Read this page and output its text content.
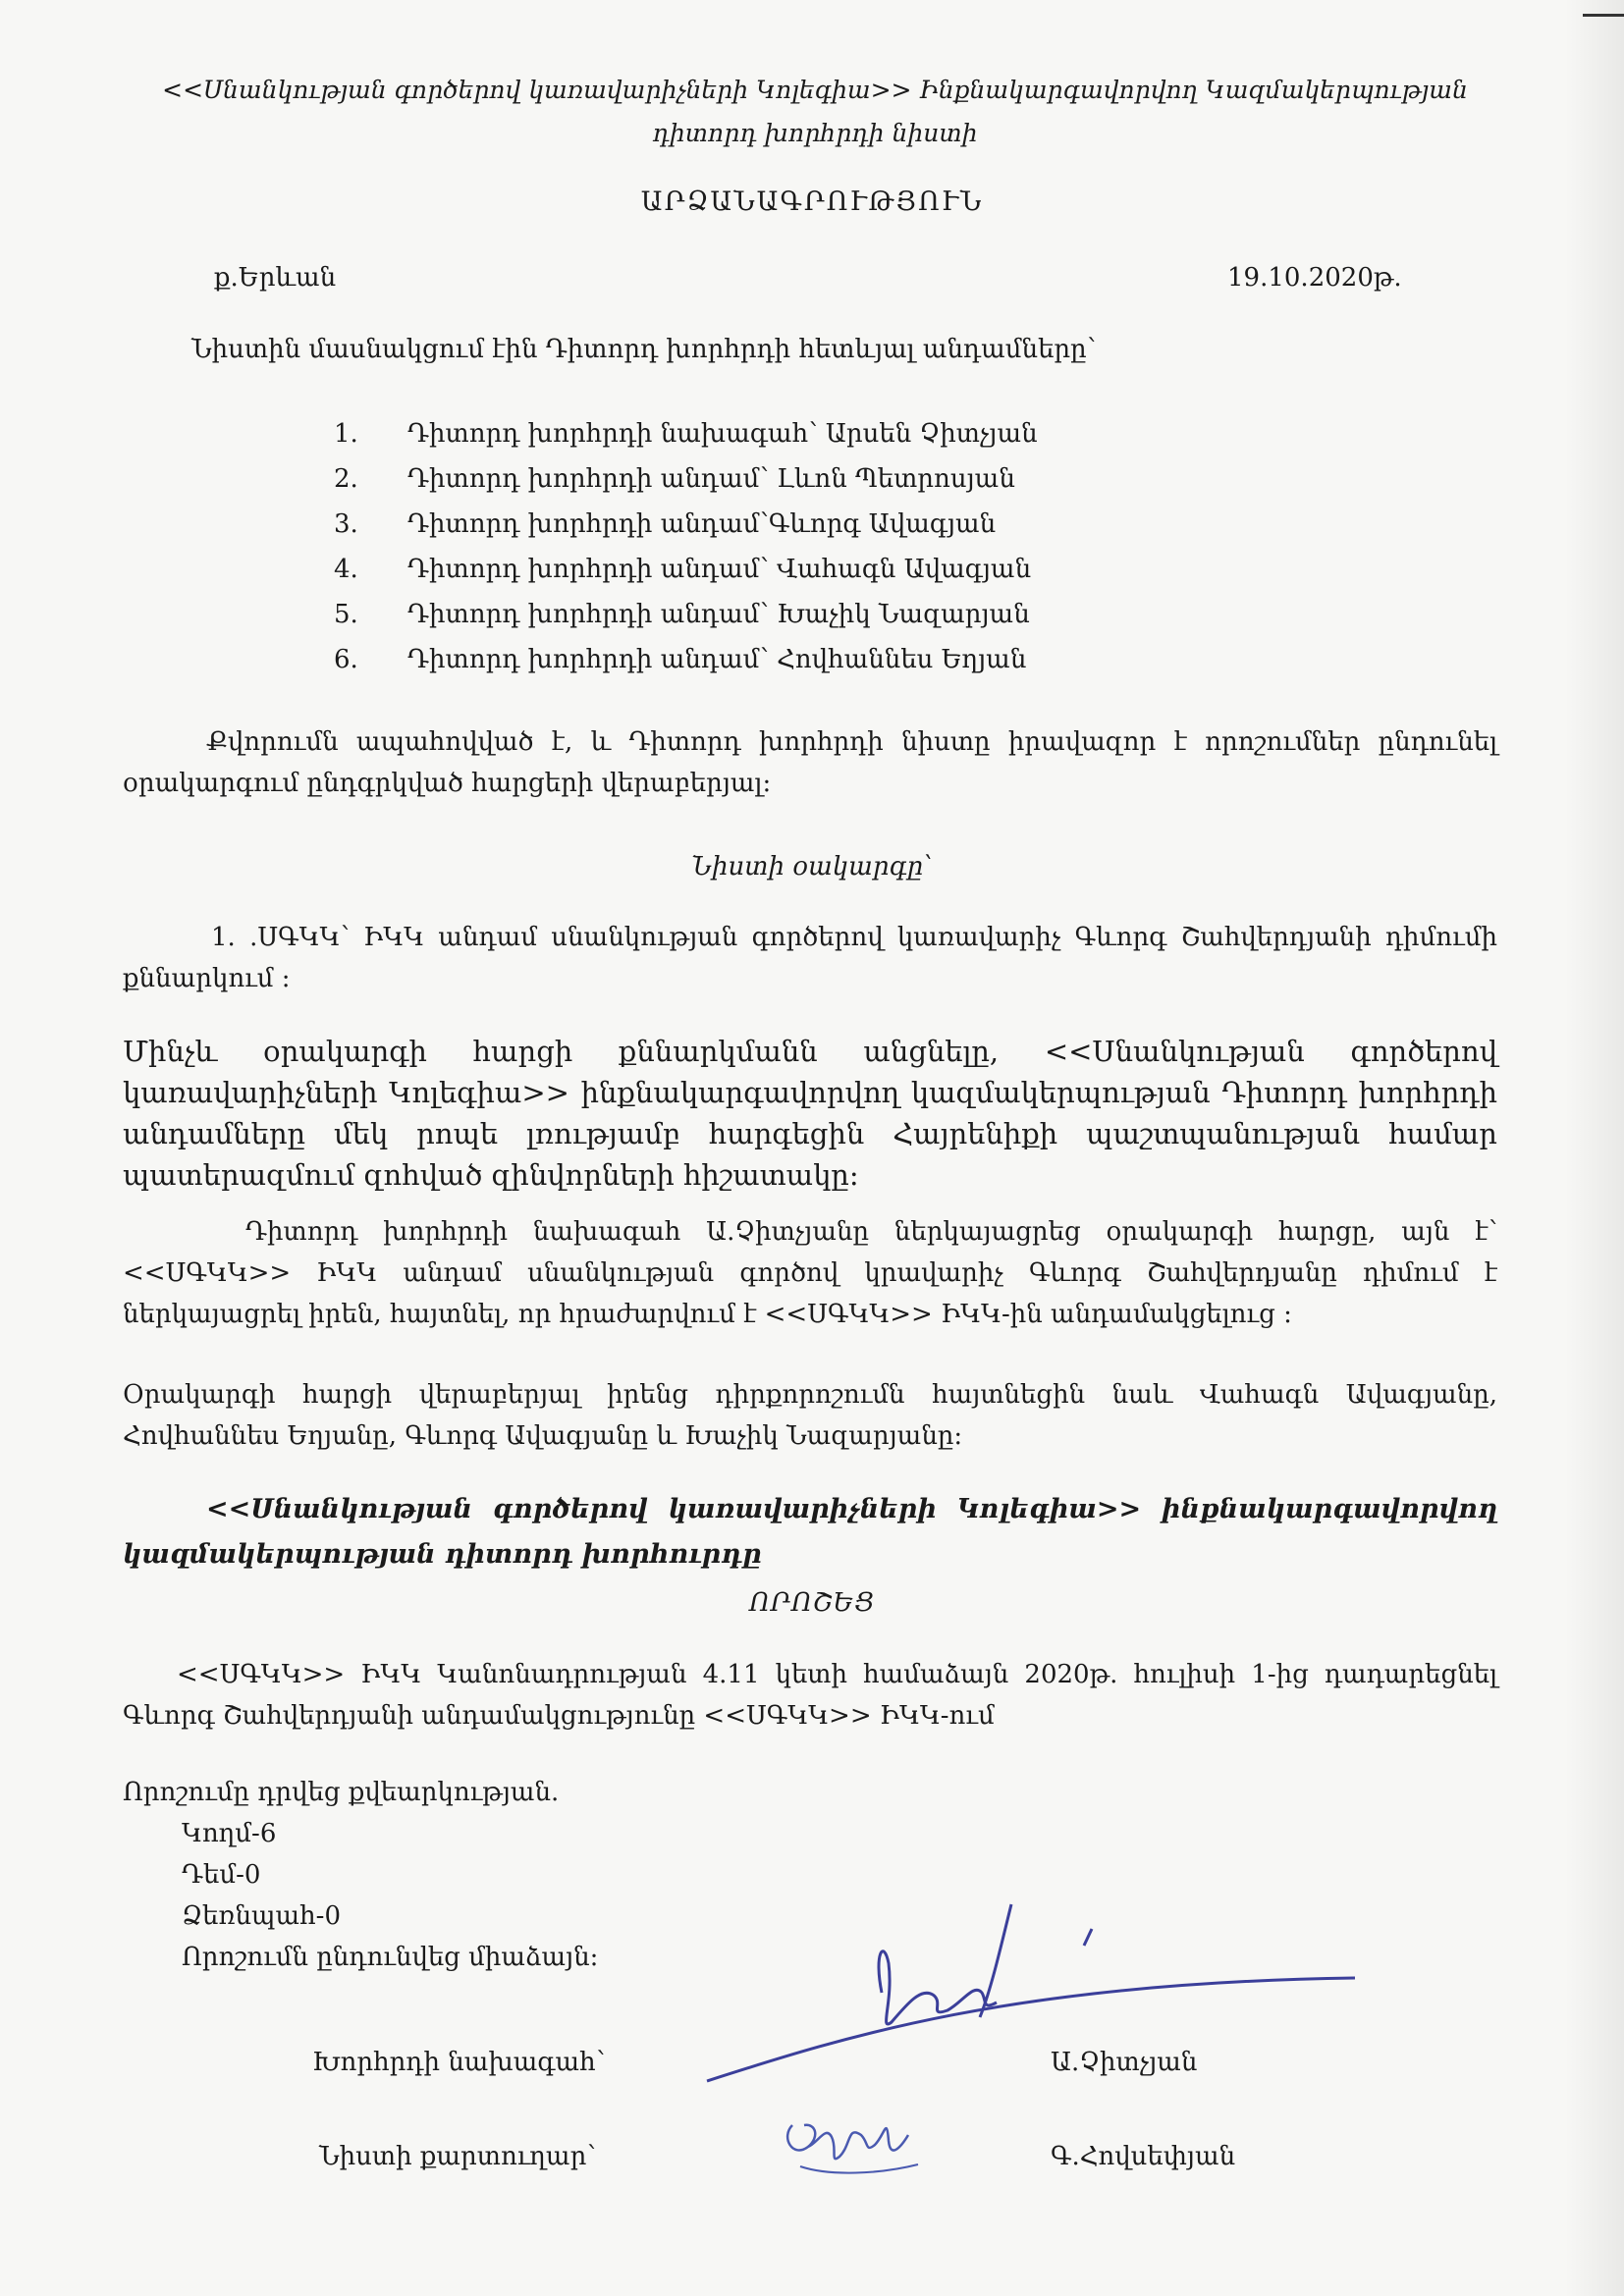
<<Սնանկության գործերով կառավարիչների Կոլեգիա>> Ինքնակարգավորվող Կազմակերպության
դիտորդ խորհրդի նիստի
ԱՐՁԱՆԱԳՐՈՒԹՅՈՒՆ
ք.Երևան	19.10.2020թ.
Նիստին մասնակցում էին Դիտորդ խորհրդի հետևյալ անդամները՝
1. Դիտորդ խորհրդի նախագահ՝ Արսեն Չիտչյան
2. Դիտորդ խորհրդի անդամ՝ Լևոն Պետրոսյան
3. Դիտորդ խորհրդի անդամ՝Գևորգ Ավագյան
4. Դիտորդ խորհրդի անդամ՝ Վահագն Ավագյան
5. Դիտորդ խորհրդի անդամ՝ Խաչիկ Նազարյան
6. Դիտորդ խորհրդի անդամ՝ Հովհաննես Եղյան
Քվորումն ապահովված է, և Դիտորդ խորհրդի նիստը իրավազոր է որոշումներ ընդունել
օրակարգում ընդգրկված հարցերի վերաբերյալ:
Նիստի օակարգը՝
1. .ՍԳԿԿ՝ ԻԿԿ անդամ սնանկության գործերով կառավարիչ Գևորգ Շահվերդյանի դիմումի
քննարկում :
Մինչև օրակարգի հարցի քննարկմանն անցնելը, <<Սնանկության գործերով
կառավարիչների Կոլեգիա>> ինքնակարգավորվող կազմակերպության Դիտորդ խորհրդի
անդամները մեկ րոպե լռությամբ հարգեցին Հայրենիքի պաշտպանության համար
պատերազմում զոհված զինվորների հիշատակը:
Դիտորդ խորհրդի նախագահ Ա.Չիտչյանը ներկայացրեց օրակարգի հարցը, այն է՝
<<ՍԳԿԿ>> ԻԿԿ անդամ սնանկության գործով կրավարիչ Գևորգ Շահվերդյանը դիմում է
ներկայացրել իրեն, հայտնել, որ հրաժարվում է <<ՍԳԿԿ>> ԻԿԿ-ին անդամակցելուց :
Օրակարգի հարցի վերաբերյալ իրենց դիրքորոշումն հայտնեցին նաև Վահագն Ավագյանը,
Հովհաննես Եղյանը, Գևորգ Ավագյանը և Խաչիկ Նազարյանը:
<<Սնանկության գործերով կառավարիչների Կոլեգիա>> ինքնակարգավորվող
կազմակերպության դիտորդ խորհուրդը
ՈՐՈՇԵՑ
<<ՍԳԿԿ>> ԻԿԿ Կանոնադրության 4.11 կետի համաձայն 2020թ. հուլիսի 1-ից դադարեցնել
Գևորգ Շահվերդյանի անդամակցությունը <<ՍԳԿԿ>> ԻԿԿ-ում
Որոշումը դրվեց քվեարկության.
Կողմ-6
Դեմ-0
Ձեռնպահ-0
Որոշումն ընդունվեց միաձայն:
Խորհրդի նախագահ՝	Ա.Չիտչյան
Նիստի քարտուղար՝	Գ.Հովսեփյան
